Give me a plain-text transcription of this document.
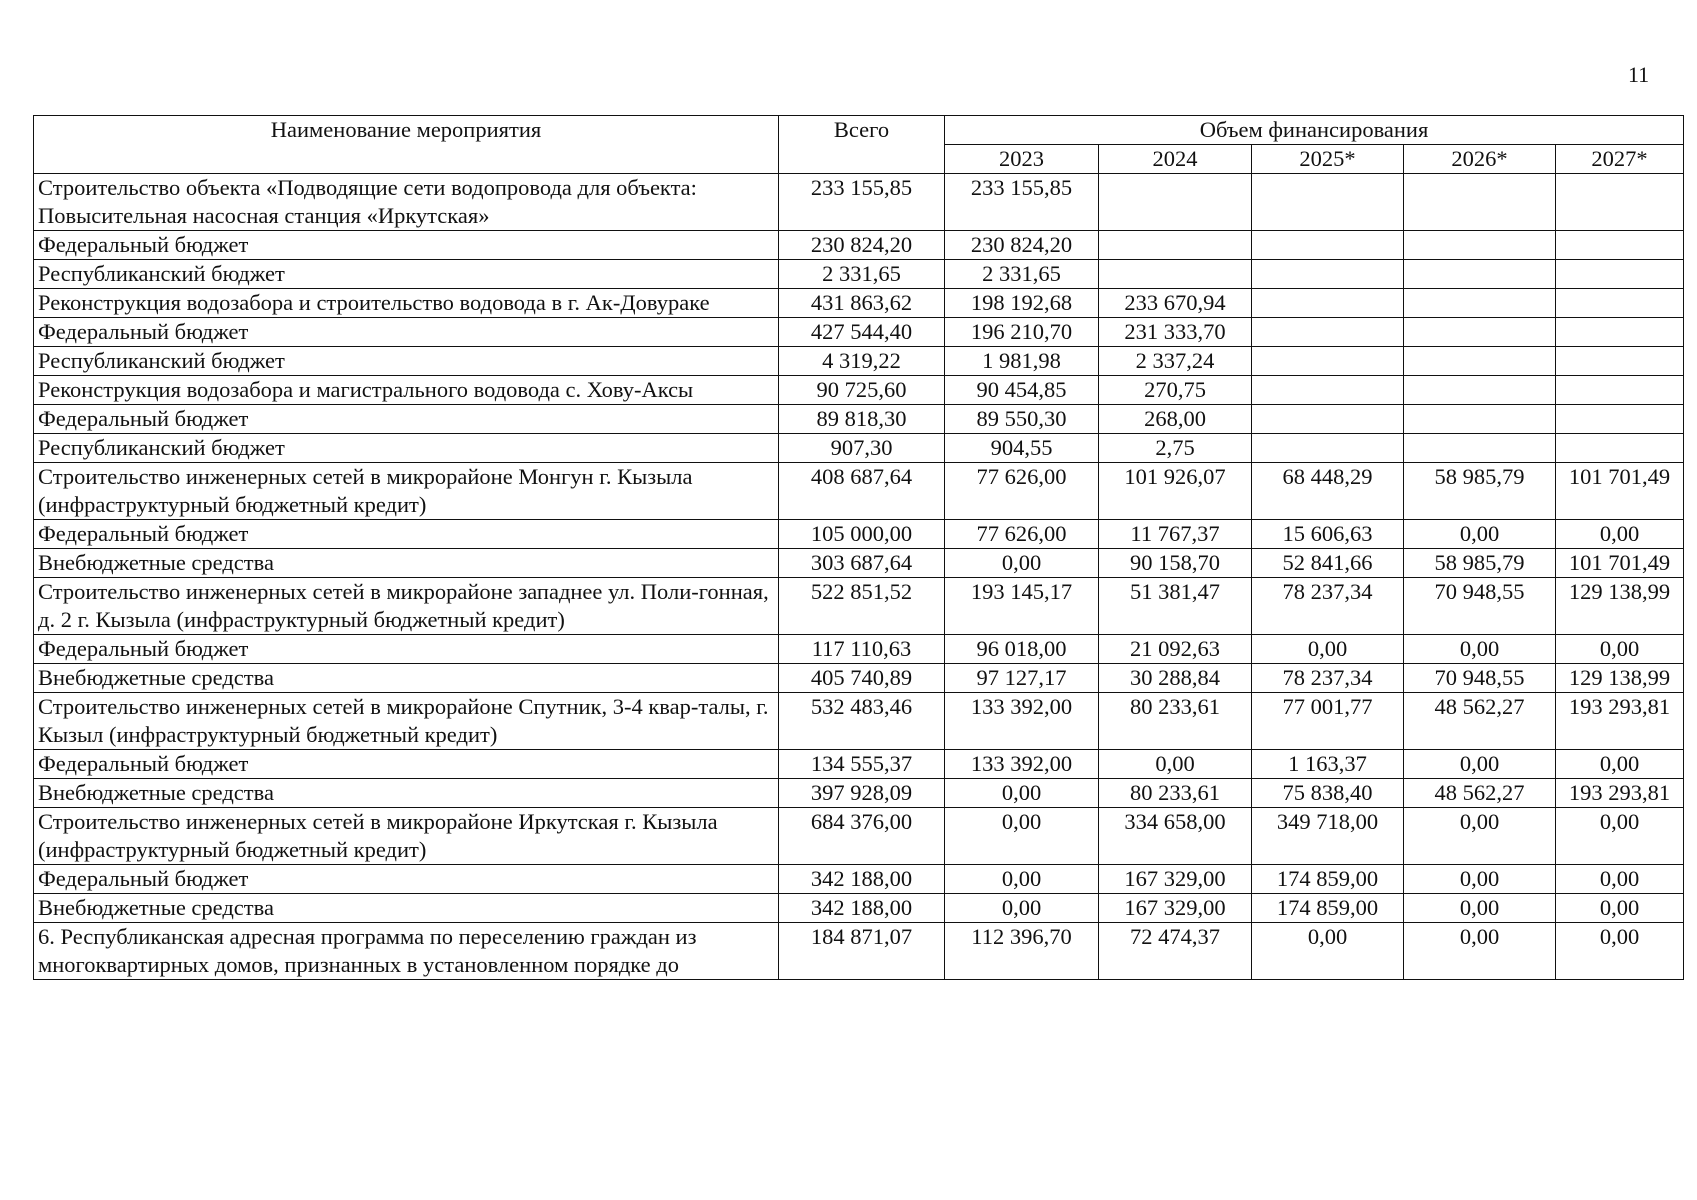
11
Наименование мероприятия	Всего	Объем финансирования				
		2023	2024	2025*	2026*	2027*
Строительство объекта «Подводящие сети водопровода для объекта: Повысительная насосная станция «Иркутская»	233 155,85	233 155,85				
Федеральный бюджет	230 824,20	230 824,20				
Республиканский бюджет	2 331,65	2 331,65				
Реконструкция водозабора и строительство водовода в г. Ак-Довураке	431 863,62	198 192,68	233 670,94			
Федеральный бюджет	427 544,40	196 210,70	231 333,70			
Республиканский бюджет	4 319,22	1 981,98	2 337,24			
Реконструкция водозабора и магистрального водовода с. Хову-Аксы	90 725,60	90 454,85	270,75			
Федеральный бюджет	89 818,30	89 550,30	268,00			
Республиканский бюджет	907,30	904,55	2,75			
Строительство инженерных сетей в микрорайоне Монгун г. Кызыла (инфраструктурный бюджетный кредит)	408 687,64	77 626,00	101 926,07	68 448,29	58 985,79	101 701,49
Федеральный бюджет	105 000,00	77 626,00	11 767,37	15 606,63	0,00	0,00
Внебюджетные средства	303 687,64	0,00	90 158,70	52 841,66	58 985,79	101 701,49
Строительство инженерных сетей в микрорайоне западнее ул. Поли-гонная, д. 2 г. Кызыла (инфраструктурный бюджетный кредит)	522 851,52	193 145,17	51 381,47	78 237,34	70 948,55	129 138,99
Федеральный бюджет	117 110,63	96 018,00	21 092,63	0,00	0,00	0,00
Внебюджетные средства	405 740,89	97 127,17	30 288,84	78 237,34	70 948,55	129 138,99
Строительство инженерных сетей в микрорайоне Спутник, 3-4 квар-талы, г. Кызыл (инфраструктурный бюджетный кредит)	532 483,46	133 392,00	80 233,61	77 001,77	48 562,27	193 293,81
Федеральный бюджет	134 555,37	133 392,00	0,00	1 163,37	0,00	0,00
Внебюджетные средства	397 928,09	0,00	80 233,61	75 838,40	48 562,27	193 293,81
Строительство инженерных сетей в микрорайоне Иркутская г. Кызыла (инфраструктурный бюджетный кредит)	684 376,00	0,00	334 658,00	349 718,00	0,00	0,00
Федеральный бюджет	342 188,00	0,00	167 329,00	174 859,00	0,00	0,00
Внебюджетные средства	342 188,00	0,00	167 329,00	174 859,00	0,00	0,00
6. Республиканская адресная программа по переселению граждан из многоквартирных домов, признанных в установленном порядке до	184 871,07	112 396,70	72 474,37	0,00	0,00	0,00
